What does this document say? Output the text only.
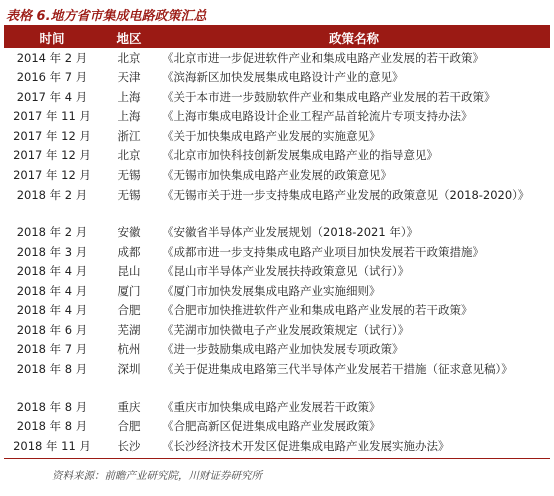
表格 6.地方省市集成电路政策汇总
时间	地区	政策名称
2014 年 2 月	北京	《北京市进一步促进软件产业和集成电路产业发展的若干政策》
2016 年 7 月	天津	《滨海新区加快发展集成电路设计产业的意见》
2017 年 4 月	上海	《关于本市进一步鼓励软件产业和集成电路产业发展的若干政策》
2017 年 11 月	上海	《上海市集成电路设计企业工程产品首轮流片专项支持办法》
2017 年 12 月	浙江	《关于加快集成电路产业发展的实施意见》
2017 年 12 月	北京	《北京市加快科技创新发展集成电路产业的指导意见》
2017 年 12 月	无锡	《无锡市加快集成电路产业发展的政策意见》
2018 年 2 月	无锡	《无锡市关于进一步支持集成电路产业发展的政策意见（2018-2020）》
2018 年 2 月	安徽	《安徽省半导体产业发展规划（2018-2021 年）》
2018 年 3 月	成都	《成都市进一步支持集成电路产业项目加快发展若干政策措施》
2018 年 4 月	昆山	《昆山市半导体产业发展扶持政策意见（试行）》
2018 年 4 月	厦门	《厦门市加快发展集成电路产业实施细则》
2018 年 4 月	合肥	《合肥市加快推进软件产业和集成电路产业发展的若干政策》
2018 年 6 月	芜湖	《芜湖市加快微电子产业发展政策规定（试行）》
2018 年 7 月	杭州	《进一步鼓励集成电路产业加快发展专项政策》
2018 年 8 月	深圳	《关于促进集成电路第三代半导体产业发展若干措施（征求意见稿）》
2018 年 8 月	重庆	《重庆市加快集成电路产业发展若干政策》
2018 年 8 月	合肥	《合肥高新区促进集成电路产业发展政策》
2018 年 11 月	长沙	《长沙经济技术开发区促进集成电路产业发展实施办法》
资料来源：前瞻产业研究院，川财证券研究所
